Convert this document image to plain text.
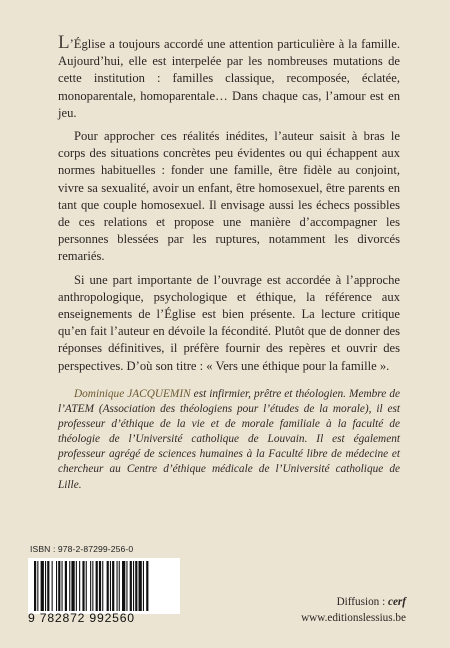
L’Église a toujours accordé une attention particulière à la famille. Aujourd’hui, elle est interpelée par les nombreuses mutations de cette institution : familles classique, recomposée, éclatée, monoparentale, homoparentale… Dans chaque cas, l’amour est en jeu.

Pour approcher ces réalités inédites, l’auteur saisit à bras le corps des situations concrètes peu évidentes ou qui échappent aux normes habituelles : fonder une famille, être fidèle au conjoint, vivre sa sexualité, avoir un enfant, être homosexuel, être parents en tant que couple homosexuel. Il envisage aussi les échecs possibles de ces relations et propose une manière d’accompagner les personnes blessées par les ruptures, notamment les divorcés remariés.

Si une part importante de l’ouvrage est accordée à l’approche anthropologique, psychologique et éthique, la référence aux enseignements de l’Église est bien présente. La lecture critique qu’en fait l’auteur en dévoile la fécondité. Plutôt que de donner des réponses définitives, il préfère fournir des repères et ouvrir des perspectives. D’où son titre : « Vers une éthique pour la famille ».

Dominique JACQUEMIN est infirmier, prêtre et théologien. Membre de l’ATEM (Association des théologiens pour l’études de la morale), il est professeur d’éthique de la vie et de morale familiale à la faculté de théologie de l’Université catholique de Louvain. Il est également professeur agrégé de sciences humaines à la Faculté libre de médecine et chercheur au Centre d’éthique médicale de l’Université catholique de Lille.

ISBN : 978-2-87299-256-0
9 782872 992560
Diffusion : cerf
www.editionslessius.be
